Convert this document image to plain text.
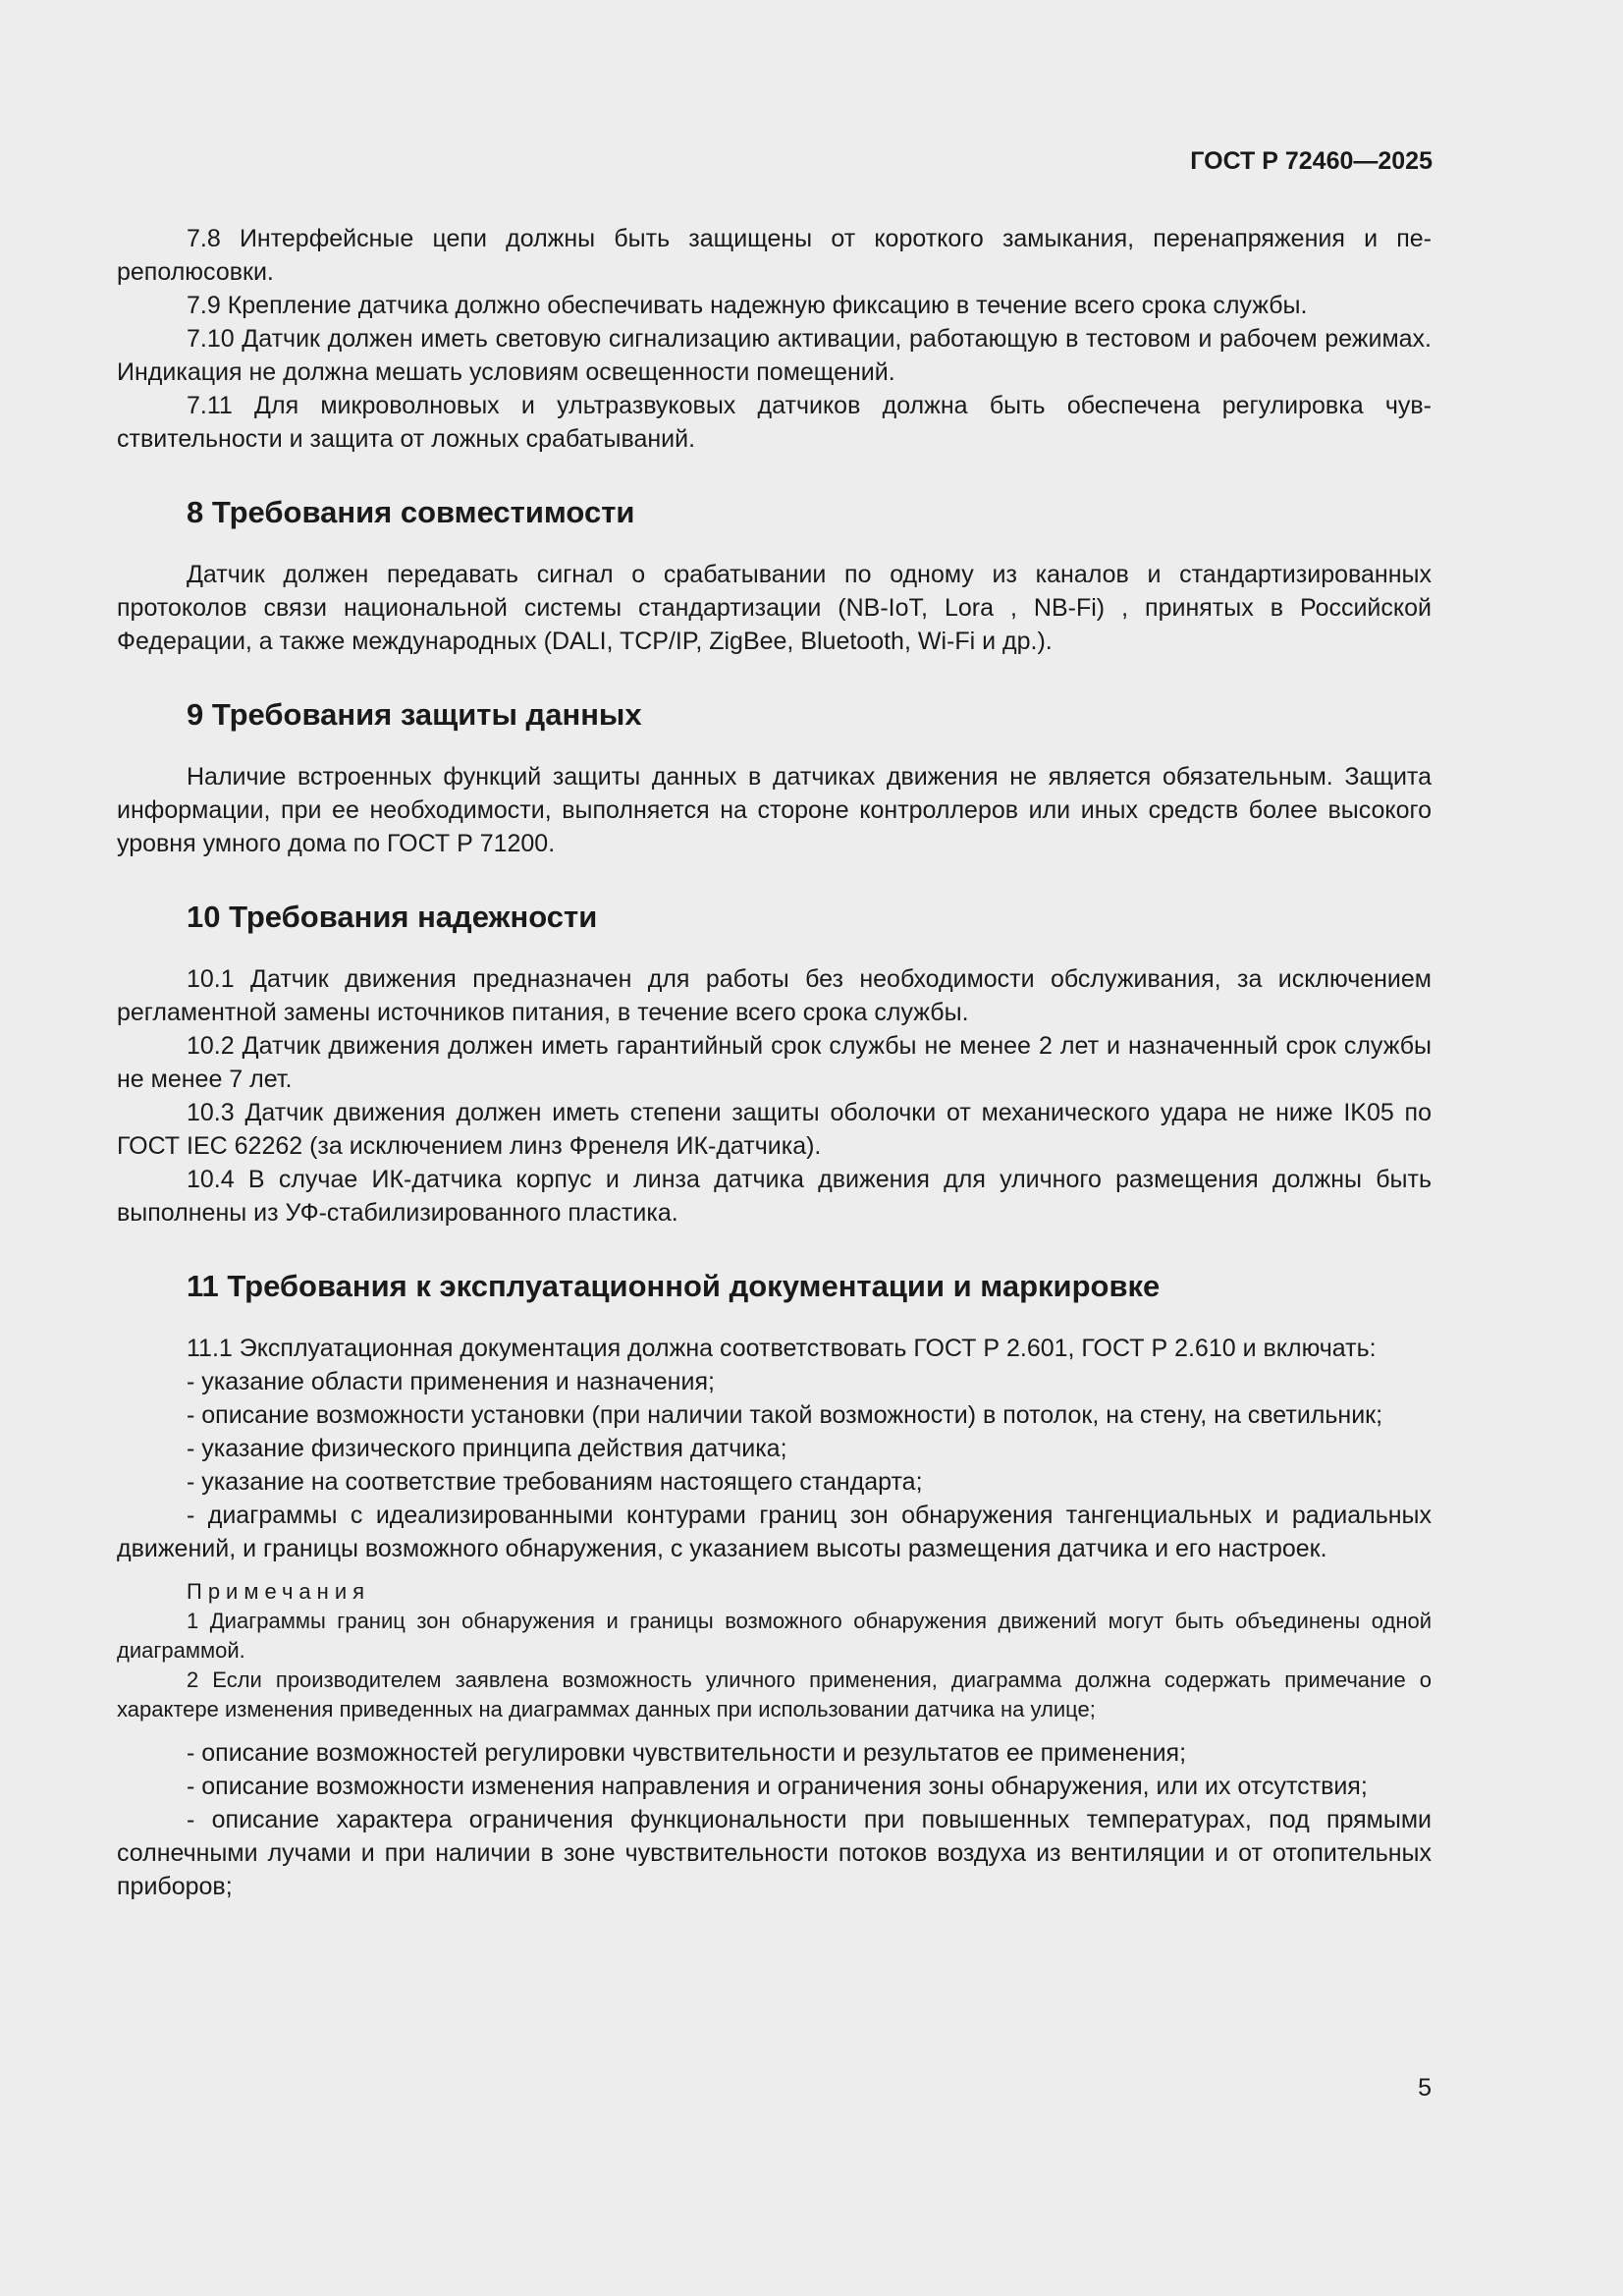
ГОСТ Р 72460—2025

7.8 Интерфейсные цепи должны быть защищены от короткого замыкания, перенапряжения и переполюсовки.

7.9 Крепление датчика должно обеспечивать надежную фиксацию в течение всего срока службы.

7.10 Датчик должен иметь световую сигнализацию активации, работающую в тестовом и рабочем режимах. Индикация не должна мешать условиям освещенности помещений.

7.11 Для микроволновых и ультразвуковых датчиков должна быть обеспечена регулировка чувствительности и защита от ложных срабатываний.

8 Требования совместимости

Датчик должен передавать сигнал о срабатывании по одному из каналов и стандартизированных протоколов связи национальной системы стандартизации (NB-IoT, Lora , NB-Fi) , принятых в Российской Федерации, а также международных (DALI, TCP/IP, ZigBee, Bluetooth, Wi-Fi и др.).

9 Требования защиты данных

Наличие встроенных функций защиты данных в датчиках движения не является обязательным. Защита информации, при ее необходимости, выполняется на стороне контроллеров или иных средств более высокого уровня умного дома по ГОСТ Р 71200.

10 Требования надежности

10.1 Датчик движения предназначен для работы без необходимости обслуживания, за исключением регламентной замены источников питания, в течение всего срока службы.

10.2 Датчик движения должен иметь гарантийный срок службы не менее 2 лет и назначенный срок службы не менее 7 лет.

10.3 Датчик движения должен иметь степени защиты оболочки от механического удара не ниже IK05 по ГОСТ IEC 62262 (за исключением линз Френеля ИК-датчика).

10.4 В случае ИК-датчика корпус и линза датчика движения для уличного размещения должны быть выполнены из УФ-стабилизированного пластика.

11 Требования к эксплуатационной документации и маркировке

11.1 Эксплуатационная документация должна соответствовать ГОСТ Р 2.601, ГОСТ Р 2.610 и включать:

- указание области применения и назначения;

- описание возможности установки (при наличии такой возможности) в потолок, на стену, на светильник;

- указание физического принципа действия датчика;

- указание на соответствие требованиям настоящего стандарта;

- диаграммы с идеализированными контурами границ зон обнаружения тангенциальных и радиальных движений, и границы возможного обнаружения, с указанием высоты размещения датчика и его настроек.

Примечания

1 Диаграммы границ зон обнаружения и границы возможного обнаружения движений могут быть объединены одной диаграммой.

2 Если производителем заявлена возможность уличного применения, диаграмма должна содержать примечание о характере изменения приведенных на диаграммах данных при использовании датчика на улице;

- описание возможностей регулировки чувствительности и результатов ее применения;

- описание возможности изменения направления и ограничения зоны обнаружения, или их отсутствия;

- описание характера ограничения функциональности при повышенных температурах, под прямыми солнечными лучами и при наличии в зоне чувствительности потоков воздуха из вентиляции и от отопительных приборов;

5
